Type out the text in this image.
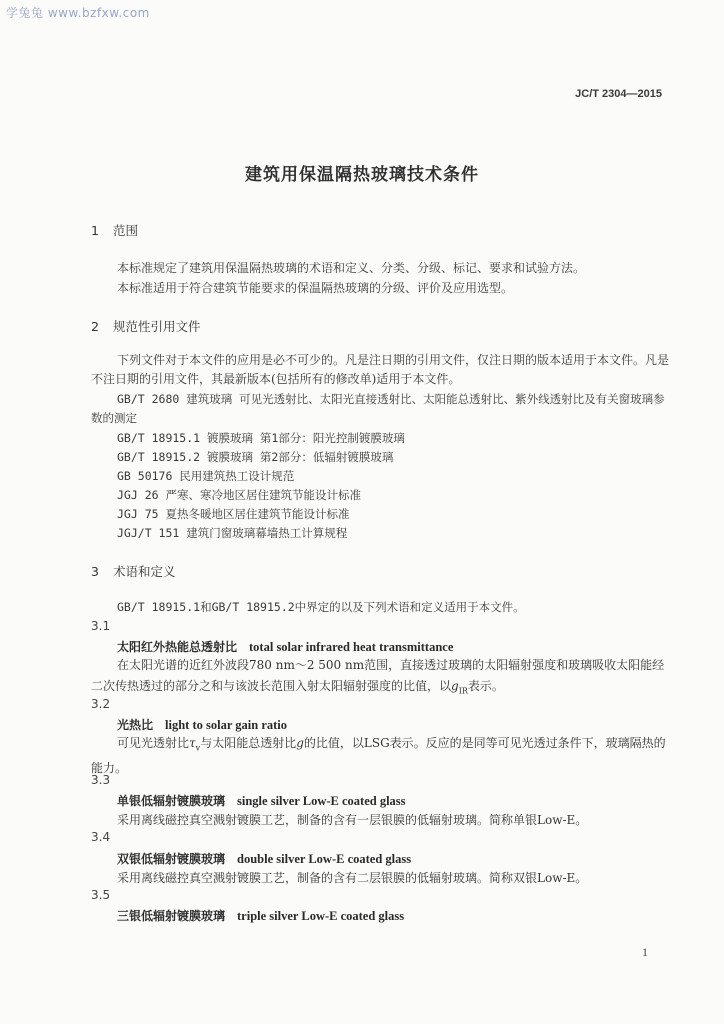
学兔兔 www.bzfxw.com
JC/T 2304—2015
建筑用保温隔热玻璃技术条件
1 范围
本标准规定了建筑用保温隔热玻璃的术语和定义、分类、分级、标记、要求和试验方法。
本标准适用于符合建筑节能要求的保温隔热玻璃的分级、评价及应用选型。
2 规范性引用文件
下列文件对于本文件的应用是必不可少的。凡是注日期的引用文件，仅注日期的版本适用于本文件。凡是不注日期的引用文件，其最新版本(包括所有的修改单)适用于本文件。
GB/T 2680 建筑玻璃 可见光透射比、太阳光直接透射比、太阳能总透射比、紫外线透射比及有关窗玻璃参数的测定
GB/T 18915.1 镀膜玻璃 第1部分：阳光控制镀膜玻璃
GB/T 18915.2 镀膜玻璃 第2部分：低辐射镀膜玻璃
GB 50176 民用建筑热工设计规范
JGJ 26 严寒、寒冷地区居住建筑节能设计标准
JGJ 75 夏热冬暖地区居住建筑节能设计标准
JGJ/T 151 建筑门窗玻璃幕墙热工计算规程
3 术语和定义
GB/T 18915.1和GB/T 18915.2中界定的以及下列术语和定义适用于本文件。
3.1
太阳红外热能总透射比 total solar infrared heat transmittance
在太阳光谱的近红外波段780 nm～2 500 nm范围，直接透过玻璃的太阳辐射强度和玻璃吸收太阳能经二次传热透过的部分之和与该波长范围入射太阳辐射强度的比值，以$g_{IR}$表示。
3.2
光热比 light to solar gain ratio
可见光透射比$\tau_v$与太阳能总透射比g的比值，以LSG表示。反应的是同等可见光透过条件下，玻璃隔热的能力。
3.3
单银低辐射镀膜玻璃 single silver Low-E coated glass
采用离线磁控真空溅射镀膜工艺，制备的含有一层银膜的低辐射玻璃。简称单银Low-E。
3.4
双银低辐射镀膜玻璃 double silver Low-E coated glass
采用离线磁控真空溅射镀膜工艺，制备的含有二层银膜的低辐射玻璃。简称双银Low-E。
3.5
三银低辐射镀膜玻璃 triple silver Low-E coated glass
1
